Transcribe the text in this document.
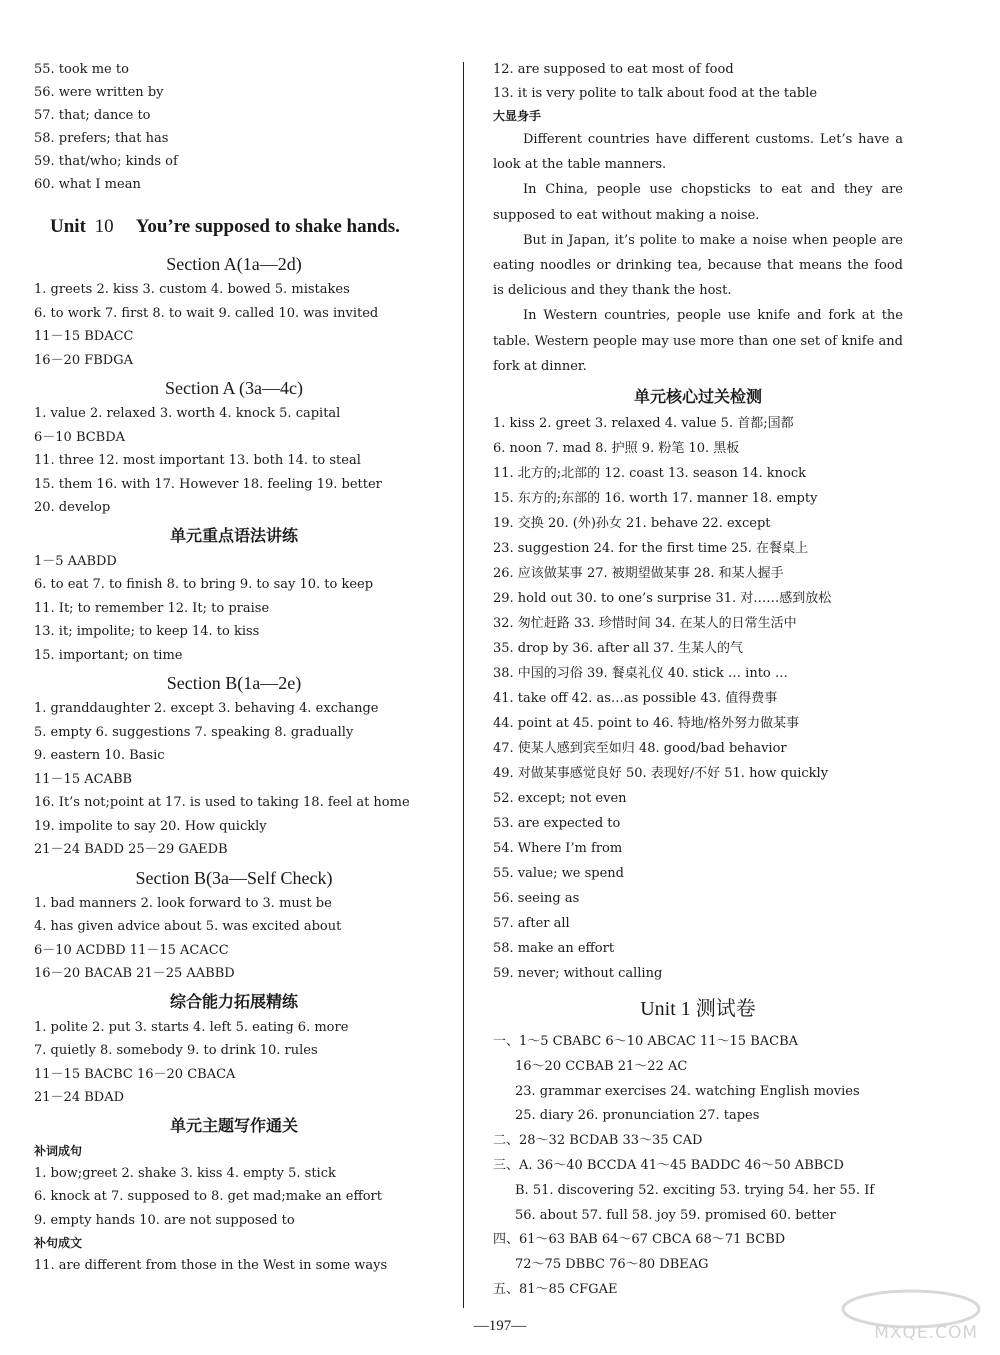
55. took me to
56. were written by
57. that; dance to
58. prefers; that has
59. that/who; kinds of
60. what I mean
Unit 10 You’re supposed to shake hands.
Section A(1a—2d)
1. greets 2. kiss 3. custom 4. bowed 5. mistakes
6. to work 7. first 8. to wait 9. called 10. was invited
11－15 BDACC
16－20 FBDGA
Section A (3a—4c)
1. value 2. relaxed 3. worth 4. knock 5. capital
6－10 BCBDA
11. three 12. most important 13. both 14. to steal
15. them 16. with 17. However 18. feeling 19. better
20. develop
单元重点语法讲练
1－5 AABDD
6. to eat 7. to finish 8. to bring 9. to say 10. to keep
11. It; to remember 12. It; to praise
13. it; impolite; to keep 14. to kiss
15. important; on time
Section B(1a—2e)
1. granddaughter 2. except 3. behaving 4. exchange
5. empty 6. suggestions 7. speaking 8. gradually
9. eastern 10. Basic
11－15 ACABB
16. It’s not;point at 17. is used to taking 18. feel at home
19. impolite to say 20. How quickly
21－24 BADD 25－29 GAEDB
Section B(3a—Self Check)
1. bad manners 2. look forward to 3. must be
4. has given advice about 5. was excited about
6－10 ACDBD 11－15 ACACC
16－20 BACAB 21－25 AABBD
综合能力拓展精练
1. polite 2. put 3. starts 4. left 5. eating 6. more
7. quietly 8. somebody 9. to drink 10. rules
11－15 BACBC 16－20 CBACA
21－24 BDAD
单元主题写作通关
补词成句
1. bow;greet 2. shake 3. kiss 4. empty 5. stick
6. knock at 7. supposed to 8. get mad;make an effort
9. empty hands 10. are not supposed to
补句成文
11. are different from those in the West in some ways
12. are supposed to eat most of food
13. it is very polite to talk about food at the table
大显身手

Different countries have different customs. Let’s have a look at the table manners.

In China, people use chopsticks to eat and they are supposed to eat without making a noise.

But in Japan, it’s polite to make a noise when people are eating noodles or drinking tea, because that means the food is delicious and they thank the host.

In Western countries, people use knife and fork at the table. Western people may use more than one set of knife and fork at dinner.

单元核心过关检测
1. kiss 2. greet 3. relaxed 4. value 5. 首都;国都
6. noon 7. mad 8. 护照 9. 粉笔 10. 黑板
11. 北方的;北部的 12. coast 13. season 14. knock
15. 东方的;东部的 16. worth 17. manner 18. empty
19. 交换 20. (外)孙女 21. behave 22. except
23. suggestion 24. for the first time 25. 在餐桌上
26. 应该做某事 27. 被期望做某事 28. 和某人握手
29. hold out 30. to one’s surprise 31. 对……感到放松
32. 匆忙赶路 33. 珍惜时间 34. 在某人的日常生活中
35. drop by 36. after all 37. 生某人的气
38. 中国的习俗 39. 餐桌礼仪 40. stick … into …
41. take off 42. as…as possible 43. 值得费事
44. point at 45. point to 46. 特地/格外努力做某事
47. 使某人感到宾至如归 48. good/bad behavior
49. 对做某事感觉良好 50. 表现好/不好 51. how quickly
52. except; not even
53. are expected to
54. Where I’m from
55. value; we spend
56. seeing as
57. after all
58. make an effort
59. never; without calling
Unit 1 测试卷
一、1～5 CBABC 6～10 ABCAC 11～15 BACBA
16～20 CCBAB 21～22 AC
23. grammar exercises 24. watching English movies
25. diary 26. pronunciation 27. tapes
二、28～32 BCDAB 33～35 CAD
三、A. 36～40 BCCDA 41～45 BADDC 46～50 ABBCD
B. 51. discovering 52. exciting 53. trying 54. her 55. If
56. about 57. full 58. joy 59. promised 60. better
四、61～63 BAB 64～67 CBCA 68～71 BCBD
72～75 DBBC 76～80 DBEAG
五、81～85 CFGAE
—197—	MXQE.COM
